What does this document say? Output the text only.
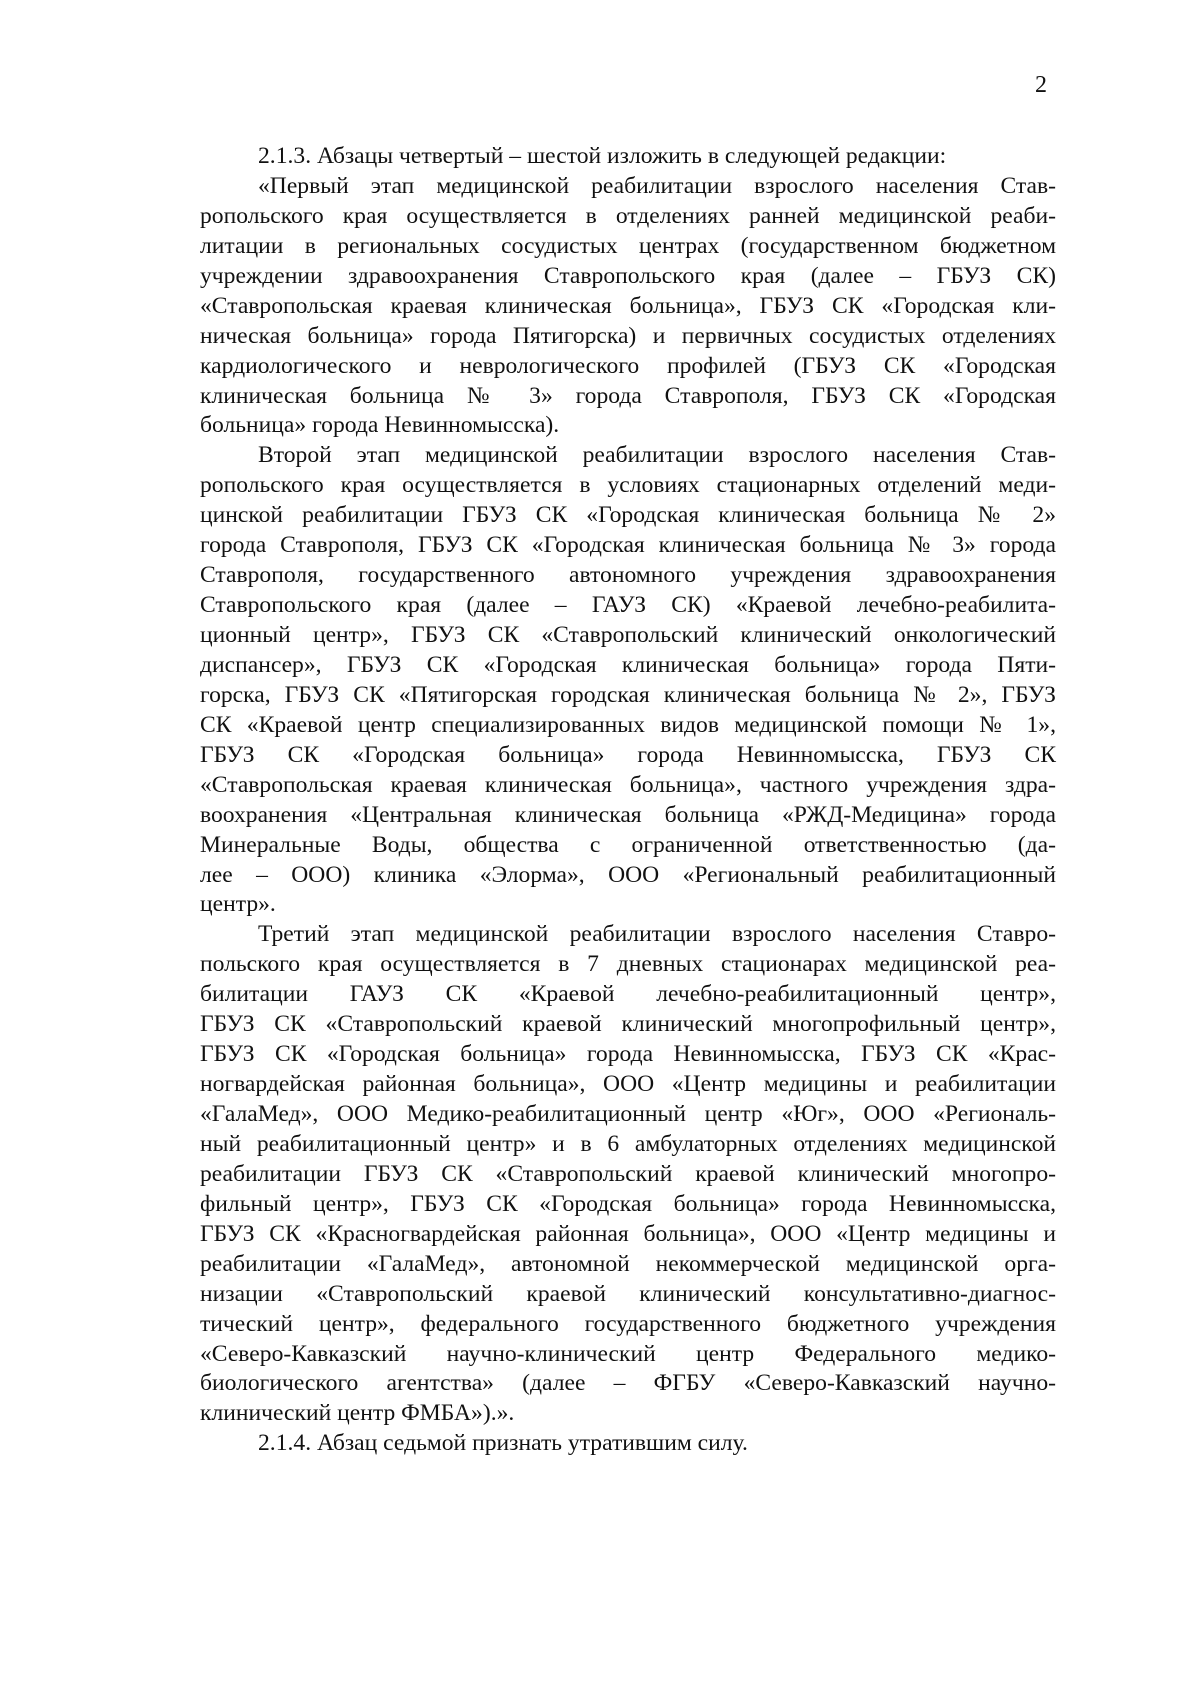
2
2.1.3. Абзацы четвертый – шестой изложить в следующей редакции:
«Первый этап медицинской реабилитации взрослого населения Став-
ропольского края осуществляется в отделениях ранней медицинской реаби-
литации в региональных сосудистых центрах (государственном бюджетном
учреждении здравоохранения Ставропольского края (далее – ГБУЗ СК)
«Ставропольская краевая клиническая больница», ГБУЗ СК «Городская кли-
ническая больница» города Пятигорска) и первичных сосудистых отделениях
кардиологического и неврологического профилей (ГБУЗ СК «Городская
клиническая больница № 3» города Ставрополя, ГБУЗ СК «Городская
больница» города Невинномысска).
Второй этап медицинской реабилитации взрослого населения Став-
ропольского края осуществляется в условиях стационарных отделений меди-
цинской реабилитации ГБУЗ СК «Городская клиническая больница № 2»
города Ставрополя, ГБУЗ СК «Городская клиническая больница № 3» города
Ставрополя, государственного автономного учреждения здравоохранения
Ставропольского края (далее – ГАУЗ СК) «Краевой лечебно-реабилита-
ционный центр», ГБУЗ СК «Ставропольский клинический онкологический
диспансер», ГБУЗ СК «Городская клиническая больница» города Пяти-
горска, ГБУЗ СК «Пятигорская городская клиническая больница № 2», ГБУЗ
СК «Краевой центр специализированных видов медицинской помощи № 1»,
ГБУЗ СК «Городская больница» города Невинномысска, ГБУЗ СК
«Ставропольская краевая клиническая больница», частного учреждения здра-
воохранения «Центральная клиническая больница «РЖД-Медицина» города
Минеральные Воды, общества с ограниченной ответственностью (да-
лее – ООО) клиника «Элорма», ООО «Региональный реабилитационный
центр».
Третий этап медицинской реабилитации взрослого населения Ставро-
польского края осуществляется в 7 дневных стационарах медицинской реа-
билитации ГАУЗ СК «Краевой лечебно-реабилитационный центр»,
ГБУЗ СК «Ставропольский краевой клинический многопрофильный центр»,
ГБУЗ СК «Городская больница» города Невинномысска, ГБУЗ СК «Крас-
ногвардейская районная больница», ООО «Центр медицины и реабилитации
«ГалаМед», ООО Медико-реабилитационный центр «Юг», ООО «Региональ-
ный реабилитационный центр» и в 6 амбулаторных отделениях медицинской
реабилитации ГБУЗ СК «Ставропольский краевой клинический многопро-
фильный центр», ГБУЗ СК «Городская больница» города Невинномысска,
ГБУЗ СК «Красногвардейская районная больница», ООО «Центр медицины и
реабилитации «ГалаМед», автономной некоммерческой медицинской орга-
низации «Ставропольский краевой клинический консультативно-диагнос-
тический центр», федерального государственного бюджетного учреждения
«Северо-Кавказский научно-клинический центр Федерального медико-
биологического агентства» (далее – ФГБУ «Северо-Кавказский научно-
клинический центр ФМБА»).».
2.1.4. Абзац седьмой признать утратившим силу.
